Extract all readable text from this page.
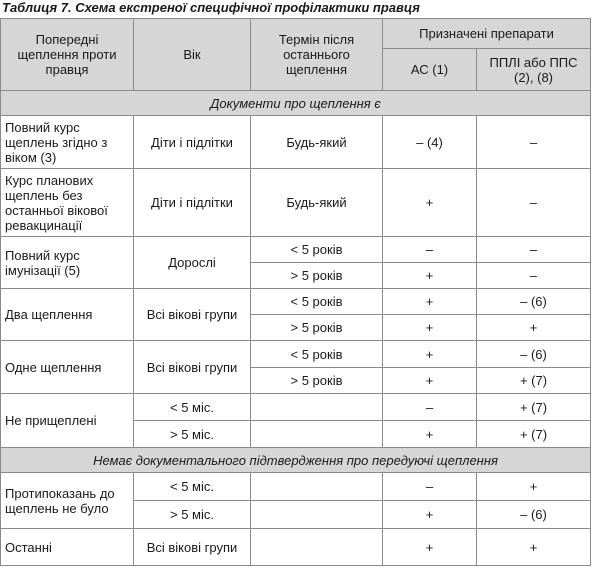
Таблиця 7. Схема екстреної специфічної профілактики правця
Попередні щеплення проти правця	Вік	Термін після останнього щеплення	Призначені препарати	
			АС (1)	ППЛІ або ППС (2), (8)
Документи про щеплення є				
Повний курс щеплень згідно з віком (3)	Діти і підлітки	Будь-який	– (4)	–
Курс планових щеплень без останньої вікової ревакцинації	Діти і підлітки	Будь-який	+	–
Повний курс імунізації (5)	Дорослі	< 5 років	–	–
		> 5 років	+	–
Два щеплення	Всі вікові групи	< 5 років	+	– (6)
		> 5 років	+	+
Одне щеплення	Всі вікові групи	< 5 років	+	– (6)
		> 5 років	+	+ (7)
Не прищеплені	< 5 міс.		–	+ (7)
	> 5 міс.		+	+ (7)
Немає документального підтвердження про передуючі щеплення				
Протипоказань до щеплень не було	< 5 міс.		–	+
	> 5 міс.		+	– (6)
Останні	Всі вікові групи		+	+
